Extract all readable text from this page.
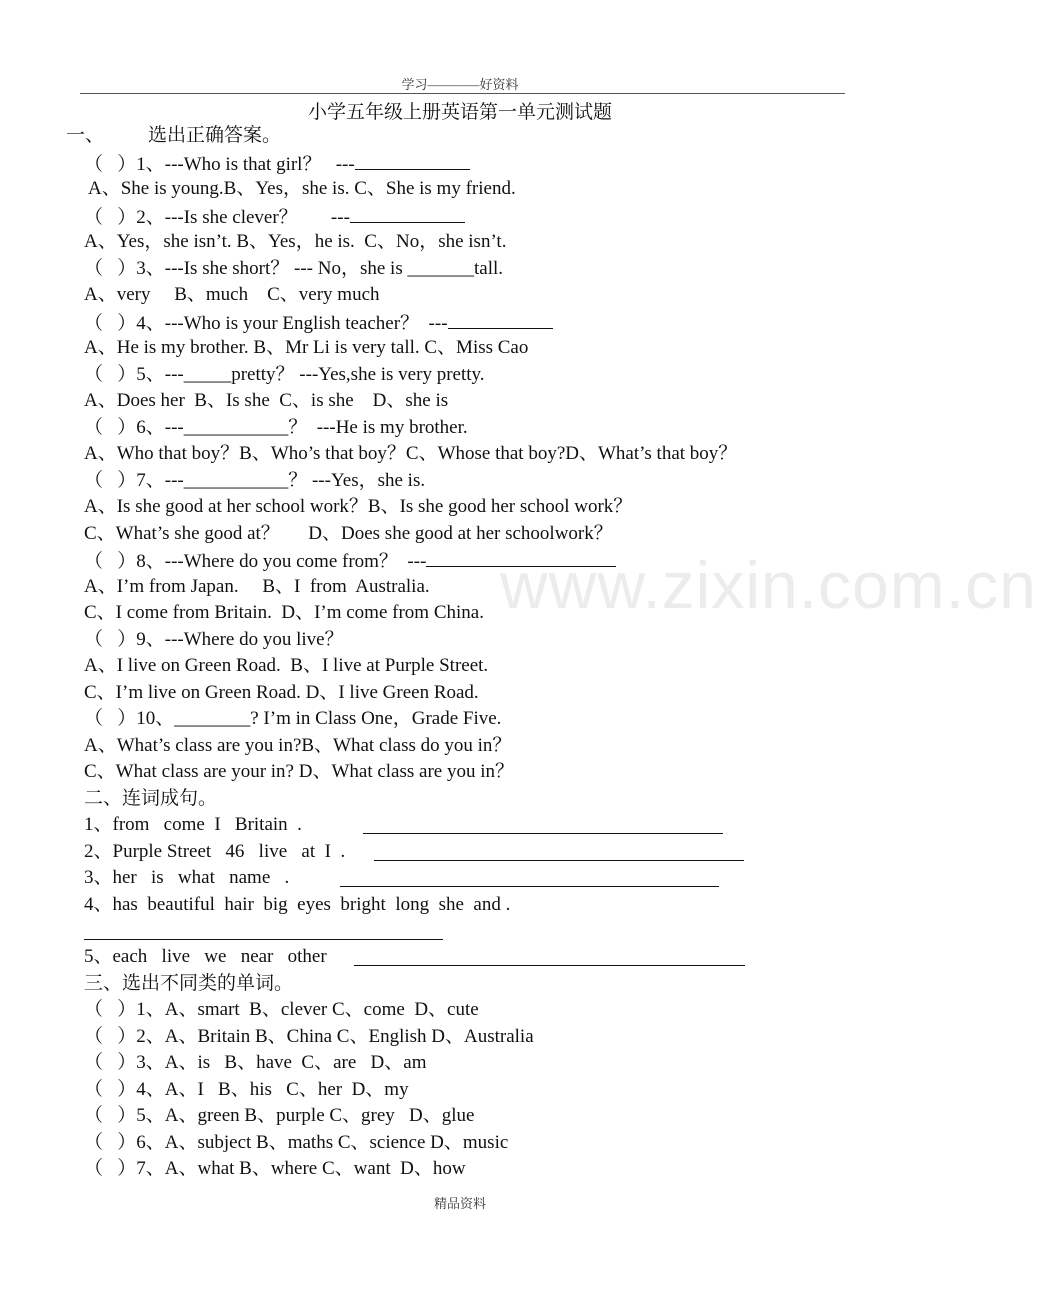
学习————好资料
小学五年级上册英语第一单元测试题
一、 选出正确答案。
（   ）1、---Who is that girl？   ---
A、She is young.B、Yes，she is. C、She is my friend.
（   ）2、---Is she clever？       ---
A、Yes，she isn’t. B、Yes，he is.  C、No，she isn’t.
（   ）3、---Is she short？ --- No，she is _______tall.
A、very     B、much    C、very much
（   ）4、---Who is your English teacher？  ---
A、He is my brother. B、Mr Li is very tall. C、Miss Cao
（   ）5、---_____pretty？ ---Yes,she is very pretty.
A、Does her  B、Is she  C、is she    D、she is
（   ）6、---___________？  ---He is my brother.
A、Who that boy？B、Who’s that boy？C、Whose that boy?D、What’s that boy？
（   ）7、---___________？ ---Yes，she is.
A、Is she good at her school work？B、Is she good her school work？
C、What’s she good at？      D、Does she good at her schoolwork？
（   ）8、---Where do you come from？  ---
A、I’m from Japan.     B、I  from  Australia.
C、I come from Britain.  D、I’m come from China.
（   ）9、---Where do you live？
A、I live on Green Road.  B、I live at Purple Street.
C、I’m live on Green Road. D、I live Green Road.
（   ）10、________? I’m in Class One，Grade Five.
A、What’s class are you in?B、What class do you in？
C、What class are your in? D、What class are you in？
二、连词成句。
1、from   come  I   Britain  .
2、Purple Street   46   live   at  I  .
3、her   is   what   name   .
4、has  beautiful  hair  big  eyes  bright  long  she  and .
5、each   live   we   near   other
三、选出不同类的单词。
（   ）1、A、smart  B、clever C、come  D、cute
（   ）2、A、Britain B、China C、English D、Australia
（   ）3、A、is   B、have  C、are   D、am
（   ）4、A、I   B、his   C、her  D、my
（   ）5、A、green B、purple C、grey   D、glue
（   ）6、A、subject B、maths C、science D、music
（   ）7、A、what B、where C、want  D、how
www.zixin.com.cn
精品资料
